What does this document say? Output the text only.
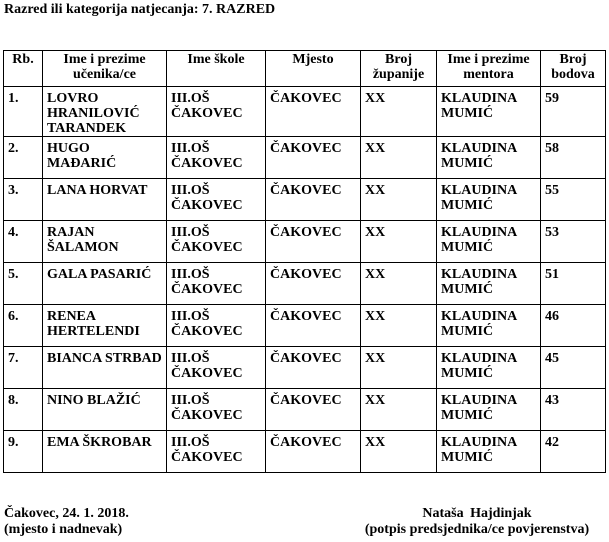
Razred ili kategorija natjecanja: 7. RAZRED
Rb.	Ime i prezime učenika/ce	Ime škole	Mjesto	Broj županije	Ime i prezime mentora	Broj bodova
1.	LOVRO HRANILOVIĆ TARANDEK	III.OŠ ČAKOVEC	ČAKOVEC	XX	KLAUDINA MUMIĆ	59
2.	HUGO MAĐARIĆ	III.OŠ ČAKOVEC	ČAKOVEC	XX	KLAUDINA MUMIĆ	58
3.	LANA HORVAT	III.OŠ ČAKOVEC	ČAKOVEC	XX	KLAUDINA MUMIĆ	55
4.	RAJAN ŠALAMON	III.OŠ ČAKOVEC	ČAKOVEC	XX	KLAUDINA MUMIĆ	53
5.	GALA PASARIĆ	III.OŠ ČAKOVEC	ČAKOVEC	XX	KLAUDINA MUMIĆ	51
6.	RENEA HERTELENDI	III.OŠ ČAKOVEC	ČAKOVEC	XX	KLAUDINA MUMIĆ	46
7.	BIANCA STRBAD	III.OŠ ČAKOVEC	ČAKOVEC	XX	KLAUDINA MUMIĆ	45
8.	NINO BLAŽIĆ	III.OŠ ČAKOVEC	ČAKOVEC	XX	KLAUDINA MUMIĆ	43
9.	EMA ŠKROBAR	III.OŠ ČAKOVEC	ČAKOVEC	XX	KLAUDINA MUMIĆ	42
Čakovec, 24. 1. 2018.
(mjesto i nadnevak)
Nataša Hajdinjak
(potpis predsjednika/ce povjerenstva)
